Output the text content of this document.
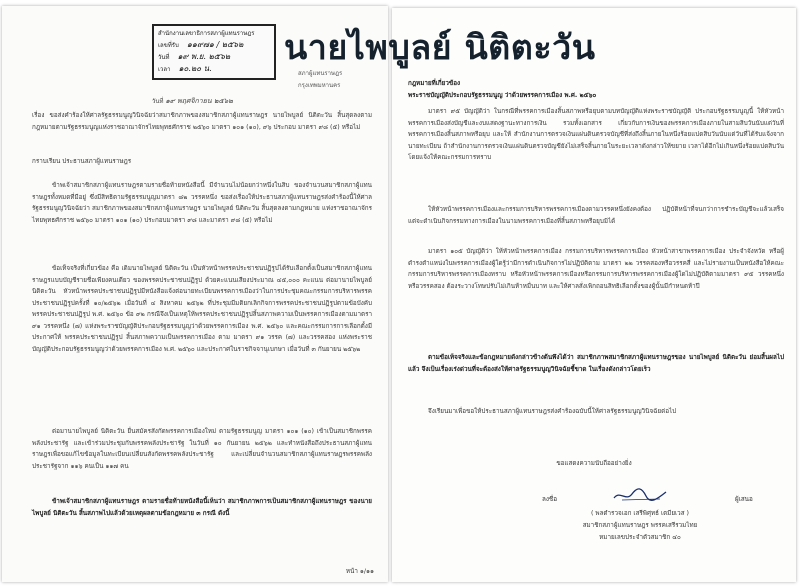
สำนักงานเลขาธิการสภาผู้แทนราษฎร
เลขที่รับ ๑๑๙๗๑ / ๒๕๖๒
วันที่ ๑๙ พ.ย. ๒๕๖๒
เวลา ๑๐.๒๐ น.
สภาผู้แทนราษฎร
กรุงเทพมหานคร
วันที่ ๑๙ พฤศจิกายน ๒๕๖๒
เรื่อง ขอส่งคำร้องให้ศาลรัฐธรรมนูญวินิจฉัยว่าสมาชิกภาพของสมาชิกสภาผู้แทนราษฎร นายไพบูลย์ นิติตะวัน สิ้นสุดลงตามกฎหมายตามรัฐธรรมนูญแห่งราชอาณาจักรไทยพุทธศักราช ๒๕๖๐ มาตรา ๑๐๑ (๑๐), ๙๖ ประกอบ มาตรา ๙๘ (๕) หรือไม่
กราบเรียน ประธานสภาผู้แทนราษฎร
ข้าพเจ้าสมาชิกสภาผู้แทนราษฎรตามรายชื่อท้ายหนังสือนี้ มีจำนวนไม่น้อยกว่าหนึ่งในสิบ ของจำนวนสมาชิกสภาผู้แทนราษฎรทั้งหมดที่มีอยู่ ซึ่งมีสิทธิตามรัฐธรรมนูญมาตรา ๘๒ วรรคหนึ่ง ขอส่งเรื่องให้ประธานสภาผู้แทนราษฎรส่งคำร้องนี้ให้ศาลรัฐธรรมนูญวินิจฉัยว่า สมาชิกภาพของสมาชิกสภาผู้แทนราษฎร นายไพบูลย์ นิติตะวัน สิ้นสุดลงตามกฎหมาย แห่งราชอาณาจักรไทยพุทธศักราช ๒๕๖๐ มาตรา ๑๐๑ (๑๐) ประกอบมาตรา ๙๘ และมาตรา ๙๘ (๕) หรือไม่
ข้อเท็จจริงที่เกี่ยวข้อง คือ เดิมนายไพบูลย์ นิติตะวัน เป็นหัวหน้าพรรคประชาชนปฏิรูปได้รับเลือกตั้งเป็นสมาชิกสภาผู้แทนราษฎรแบบบัญชีรายชื่อเพียงคนเดียว ของพรรคประชาชนปฏิรูป ด้วยคะแนนเสียงประมาณ ๔๕,๐๐๐ คะแนน ต่อมานายไพบูลย์ นิติตะวัน หัวหน้าพรรคประชาชนปฏิรูปมีหนังสือแจ้งต่อนายทะเบียนพรรคการเมืองว่าในการประชุมคณะกรรมการบริหารพรรคประชาชนปฏิรูปครั้งที่ ๑๐/๒๕๖๒ เมื่อวันที่ ๔ สิงหาคม ๒๕๖๒ ที่ประชุมมีมติยกเลิกกิจการพรรคประชาชนปฏิรูปตามข้อบังคับพรรคประชาชนปฏิรูป พ.ศ. ๒๕๖๐ ข้อ ๙๒ กรณีจึงเป็นเหตุให้พรรคประชาชนปฏิรูปสิ้นสภาพความเป็นพรรคการเมืองตามมาตรา ๙๑ วรรคหนึ่ง (๗) แห่งพระราชบัญญัติประกอบรัฐธรรมนูญว่าด้วยพรรคการเมือง พ.ศ. ๒๕๖๐ และคณะกรรมการการเลือกตั้งมีประกาศให้ พรรคประชาชนปฏิรูป สิ้นสภาพความเป็นพรรคการเมือง ตาม มาตรา ๙๑ วรรค (๗) และวรรคสอง แห่งพระราชบัญญัติประกอบรัฐธรรมนูญว่าด้วยพรรคการเมือง พ.ศ. ๒๕๖๐ และประกาศในราชกิจจานุเบกษา เมื่อวันที่ ๓ กันยายน ๒๕๖๒
ต่อมานายไพบูลย์ นิติตะวัน ยื่นสมัครสังกัดพรรคการเมืองใหม่ ตามรัฐธรรมนูญ มาตรา ๑๐๑ (๑๐) เข้าเป็นสมาชิกพรรคพลังประชารัฐ และเข้าร่วมประชุมกับพรรคพลังประชารัฐ ในวันที่ ๑๐ กันยายน ๒๕๖๒ และทำหนังสือถึงประธานสภาผู้แทนราษฎรเพื่อขอแก้ไขข้อมูลในทะเบียนเปลี่ยนสังกัดพรรคพลังประชารัฐ และเปลี่ยนจำนวนสมาชิกสภาผู้แทนราษฎรพรรคพลังประชารัฐจาก ๑๑๖ คนเป็น ๑๑๗ คน
ข้าพเจ้าสมาชิกสภาผู้แทนราษฎร ตามรายชื่อท้ายหนังสือนี้เห็นว่า สมาชิกภาพการเป็นสมาชิกสภาผู้แทนราษฎร ของนายไพบูลย์ นิติตะวัน สิ้นสภาพไปแล้วด้วยเหตุผลตามข้อกฎหมาย ๓ กรณี ดังนี้
หน้า ๑/๑๑
กฎหมายที่เกี่ยวข้อง
พระราชบัญญัติประกอบรัฐธรรมนูญ ว่าด้วยพรรคการเมือง พ.ศ. ๒๕๖๐
มาตรา ๙๕ บัญญัติว่า ในกรณีที่พรรคการเมืองสิ้นสภาพหรือยุบตามบทบัญญัติแห่งพระราชบัญญัติ ประกอบรัฐธรรมนูญนี้ ให้หัวหน้าพรรคการเมืองส่งบัญชีและงบแสดงฐานะทางการเงิน รวมทั้งเอกสาร เกี่ยวกับการเงินของพรรคการเมืองภายในสามสิบวันนับแต่วันที่พรรคการเมืองสิ้นสภาพหรือยุบ และให้ สำนักงานการตรวจเงินแผ่นดินตรวจบัญชีที่ส่งถึงสิ้นภายในหนึ่งร้อยแปดสิบวันนับแต่วันที่ได้รับแจ้งจาก นายทะเบียน ถ้าสำนักงานการตรวจเงินแผ่นดินตรวจบัญชียังไม่เสร็จสิ้นภายในระยะเวลาดังกล่าวให้ขยาย เวลาได้อีกไม่เกินหนึ่งร้อยแปดสิบวันโดยแจ้งให้คณะกรรมการทราบ
ให้หัวหน้าพรรคการเมืองและกรรมการบริหารพรรคการเมืองตามวรรคหนึ่งยังคงต้อง ปฏิบัติหน้าที่จนกว่าการชำระบัญชีจะแล้วเสร็จ แต่จะดำเนินกิจกรรมทางการเมืองในนามพรรคการเมืองที่สิ้นสภาพหรือยุบมิได้
มาตรา ๑๐๕ บัญญัติว่า ให้หัวหน้าพรรคการเมือง กรรมการบริหารพรรคการเมือง หัวหน้าสาขาพรรคการเมือง ประจำจังหวัด หรือผู้ดำรงตำแหน่งในพรรคการเมืองผู้ใดรู้ว่ามีการดำเนินกิจการไม่ปฏิบัติตาม มาตรา ๒๒ วรรคสองหรือวรรคสี่ และไม่รายงานเป็นหนังสือให้คณะกรรมการบริหารพรรคการเมืองทราบ หรือหัวหน้าพรรคการเมืองหรือกรรมการบริหารพรรคการเมืองผู้ใดไม่ปฏิบัติตามมาตรา ๙๕ วรรคหนึ่ง หรือวรรคสอง ต้องระวางโทษปรับไม่เกินห้าหมื่นบาท และให้ศาลสั่งเพิกถอนสิทธิเลือกตั้งของผู้นั้นมีกำหนดห้าปี
ตามข้อเท็จจริงและข้อกฎหมายดังกล่าวข้างต้นพึงได้ว่า สมาชิกภาพสมาชิกสภาผู้แทนราษฎรของ นายไพบูลย์ นิติตะวัน ย่อมสิ้นผลไปแล้ว จึงเป็นเรื่องเร่งด่วนที่จะต้องส่งให้ศาลรัฐธรรมนูญวินิจฉัยชี้ขาด ในเรื่องดังกล่าวโดยเร็ว
จึงเรียนมาเพื่อขอให้ประธานสภาผู้แทนราษฎรส่งคำร้องฉบับนี้ให้ศาลรัฐธรรมนูญวินิจฉัยต่อไป
ขอแสดงความนับถืออย่างยิ่ง
ลงชื่อ	ผู้เสนอ
( พลตำรวจเอก เสรีพิศุทธ์ เตมียเวส )
สมาชิกสภาผู้แทนราษฎร พรรคเสรีรวมไทย
หมายเลขประจำตัวสมาชิก ๔๐
นายไพบูลย์ นิติตะวัน
